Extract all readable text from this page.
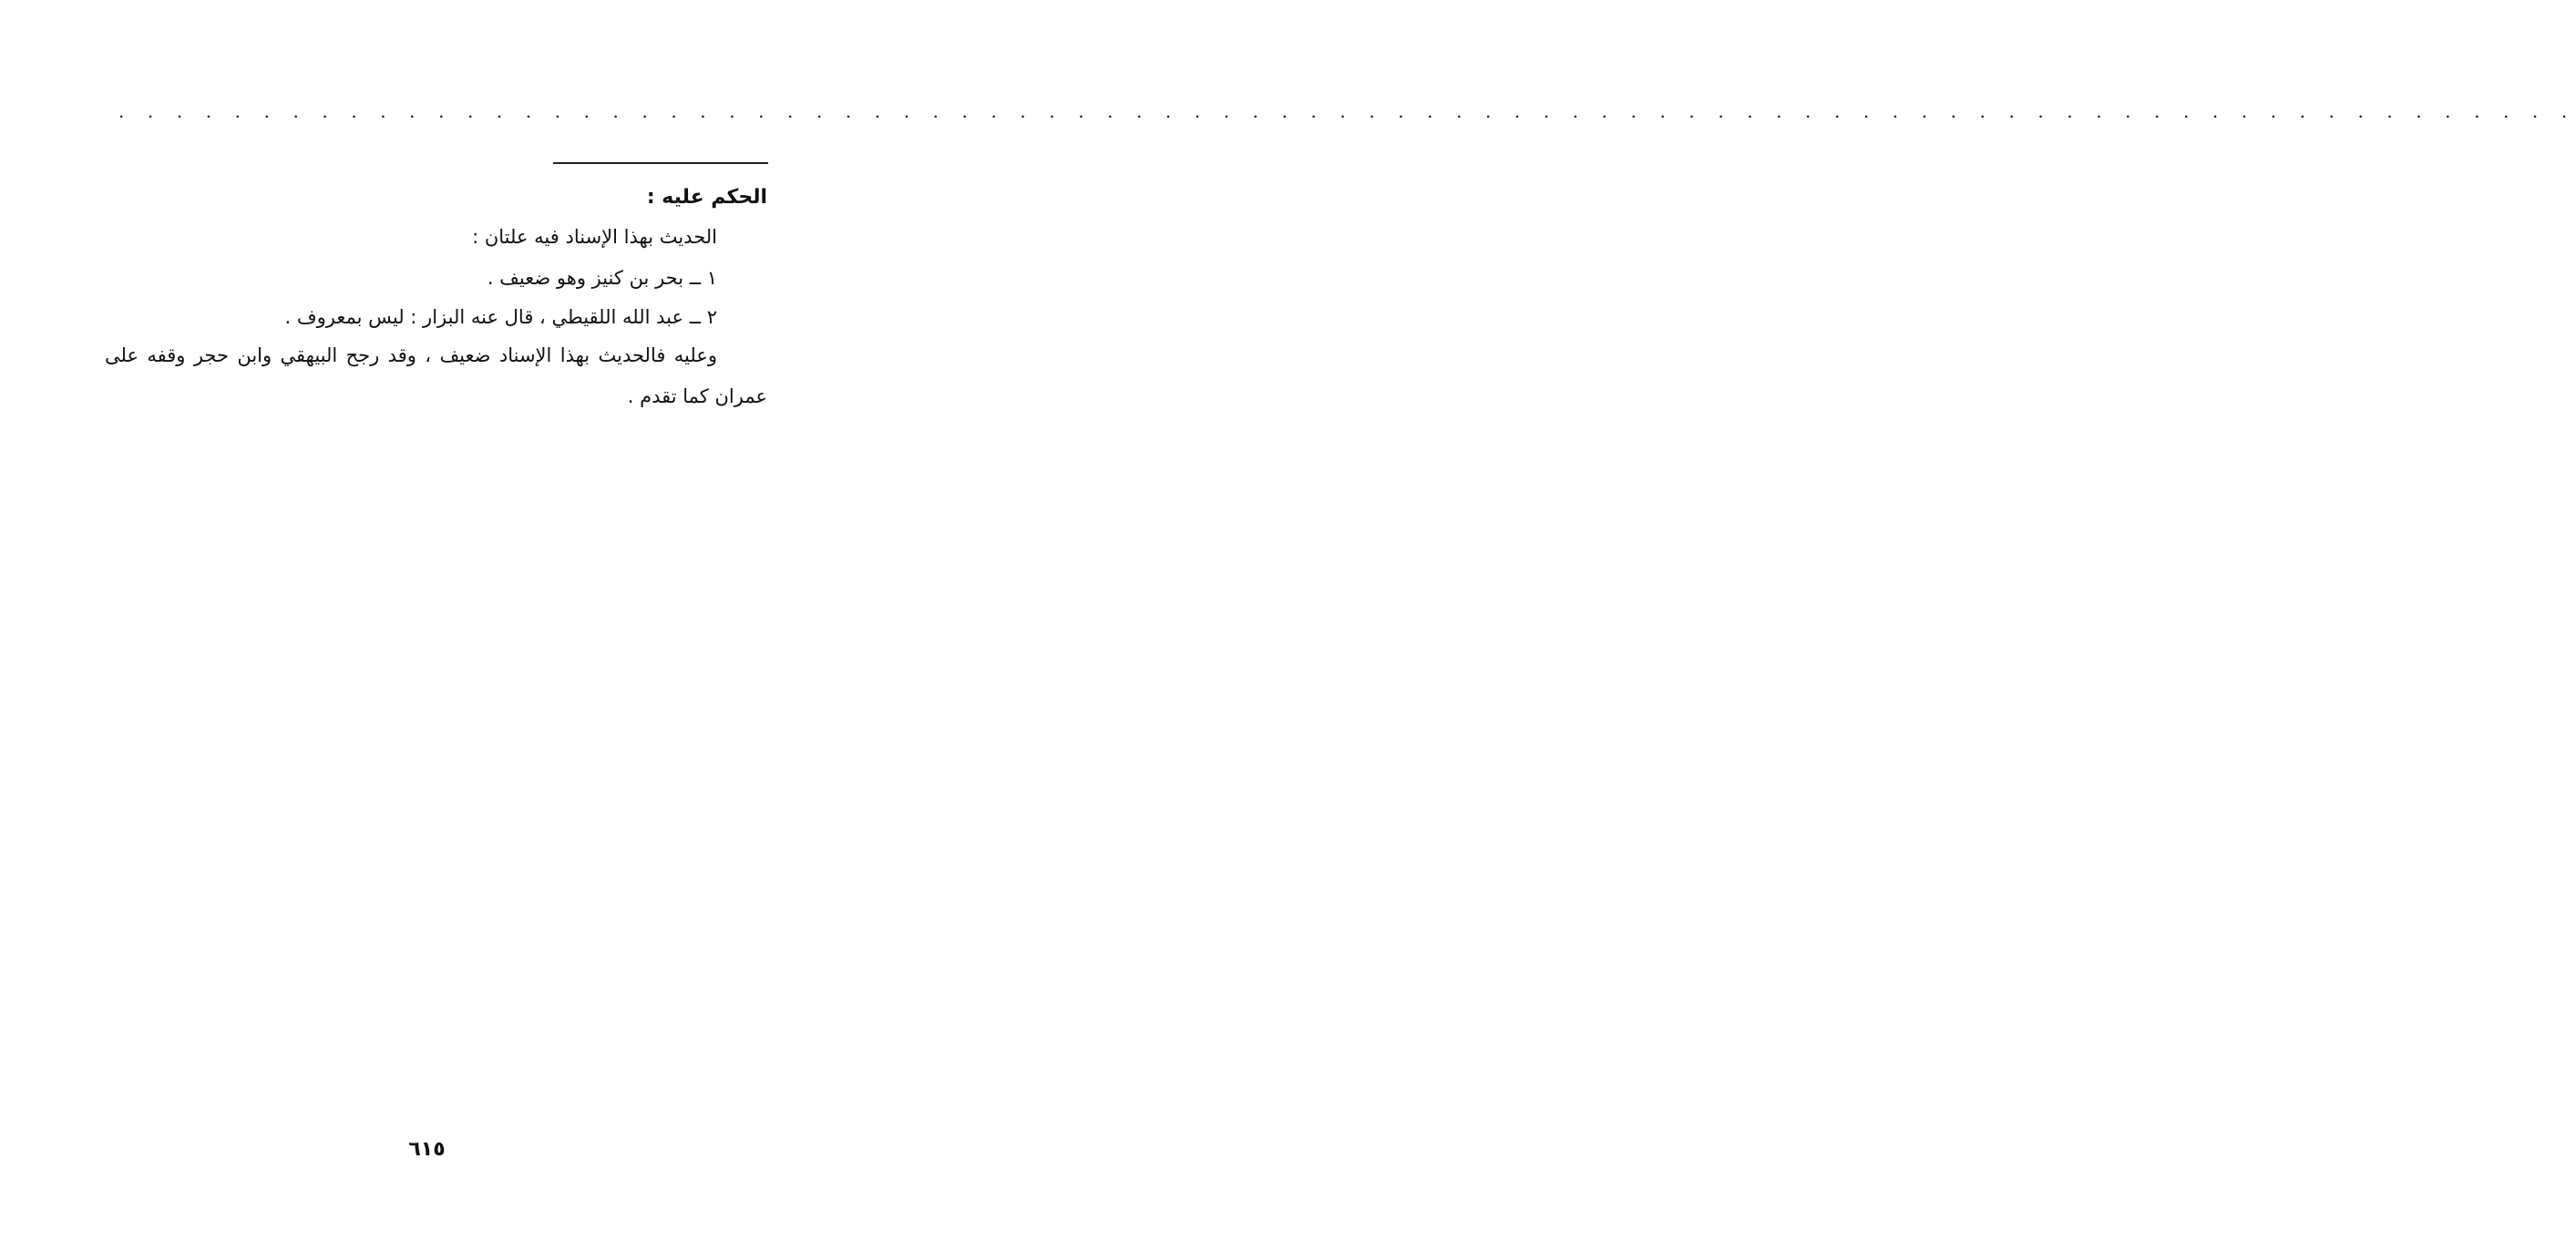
. . . . . . . . . . . . . . . . . . . . . . . . . . . . . . . . . . . . . . . . . . . . . . . . . . . . . . . . . . . . . . . . . . . . . . . . . . . . . . . . . . . . .
الحكم عليه :
الحديث بهذا الإسناد فيه علتان :
١ ــ بحر بن كنيز وهو ضعيف .
٢ ــ عبد الله اللقيطي ، قال عنه البزار : ليس بمعروف .
وعليه فالحديث بهذا الإسناد ضعيف ، وقد رجح البيهقي وابن حجر وقفه على
عمران كما تقدم .
٦١٥
